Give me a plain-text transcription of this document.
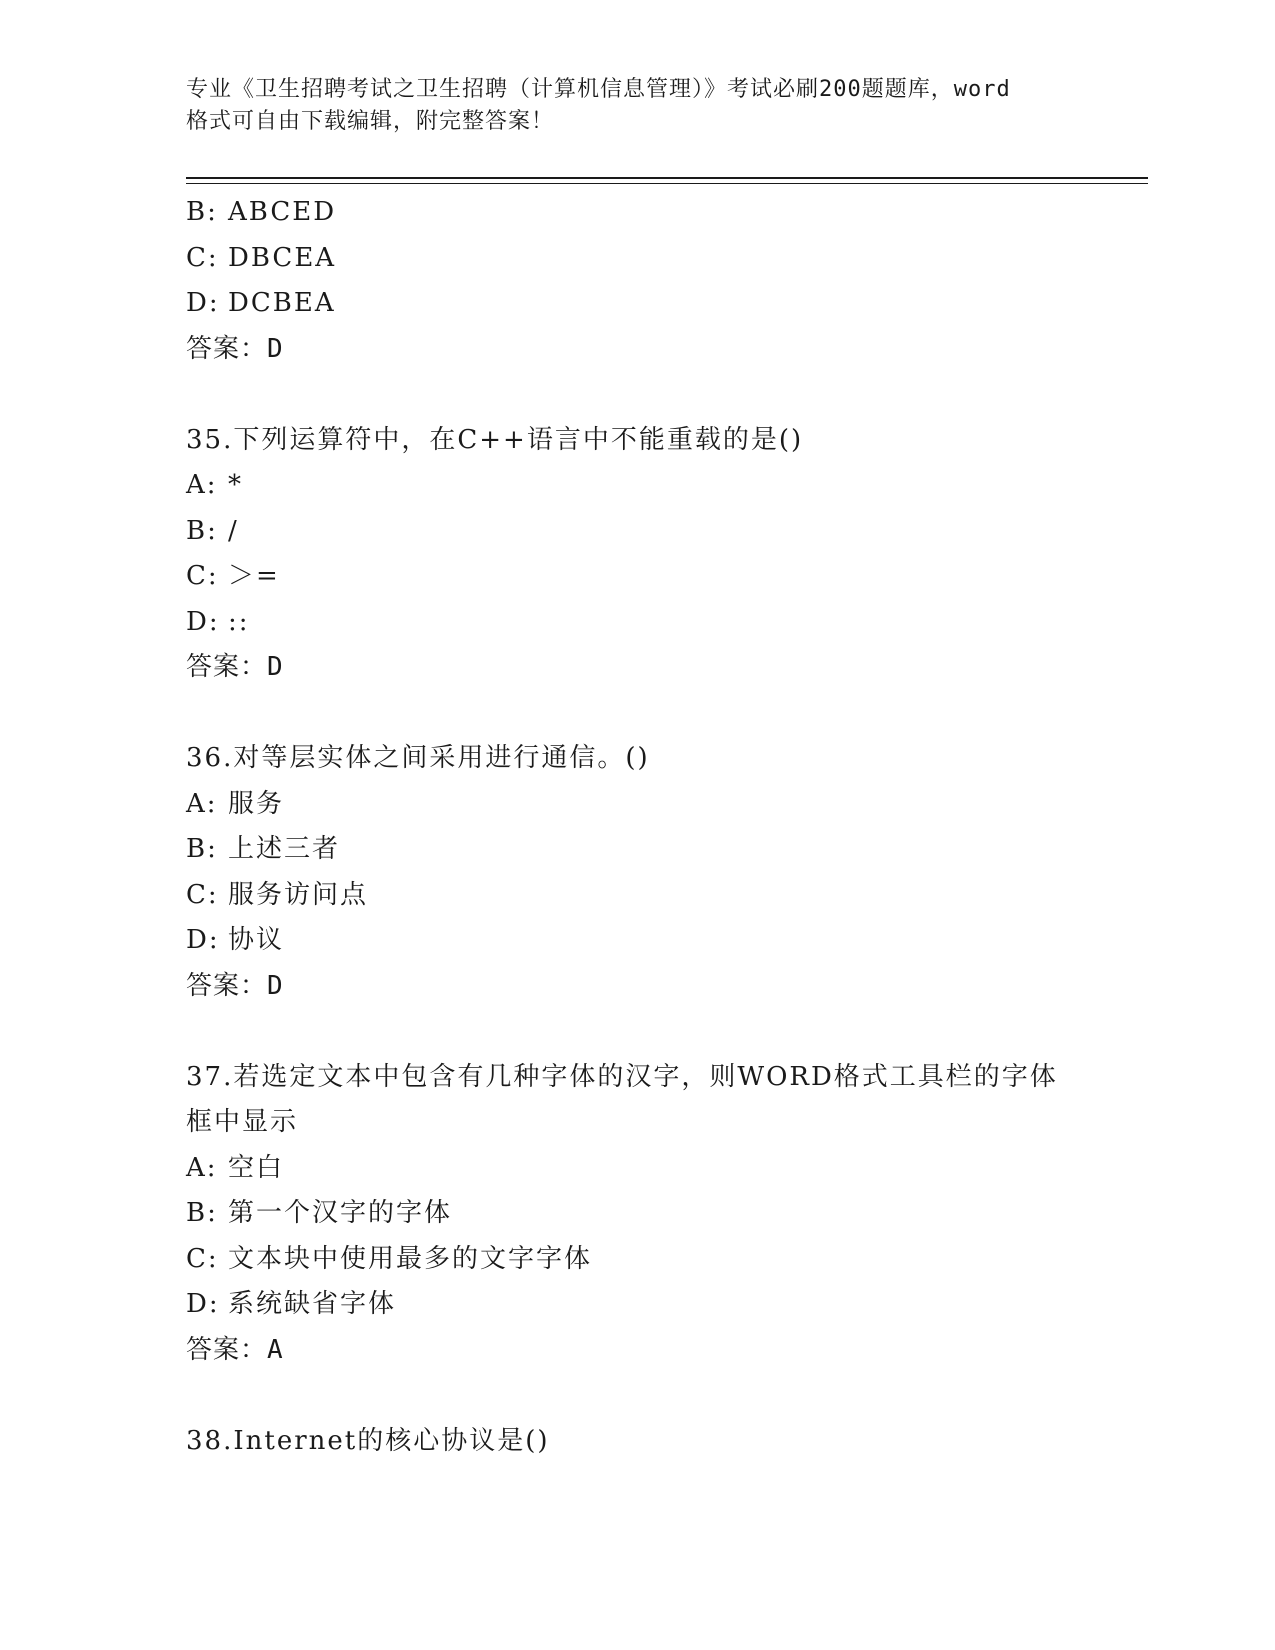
专业《卫生招聘考试之卫生招聘（计算机信息管理）》考试必刷200题题库，word
格式可自由下载编辑，附完整答案！
B: ABCED
C: DBCEA
D: DCBEA
答案：D
35.下列运算符中，在C++语言中不能重载的是()
A: *
B: /
C: ＞=
D: ::
答案：D
36.对等层实体之间采用进行通信。()
A: 服务
B: 上述三者
C: 服务访问点
D: 协议
答案：D
37.若选定文本中包含有几种字体的汉字，则WORD格式工具栏的字体
框中显示
A: 空白
B: 第一个汉字的字体
C: 文本块中使用最多的文字字体
D: 系统缺省字体
答案：A
38.Internet的核心协议是()
